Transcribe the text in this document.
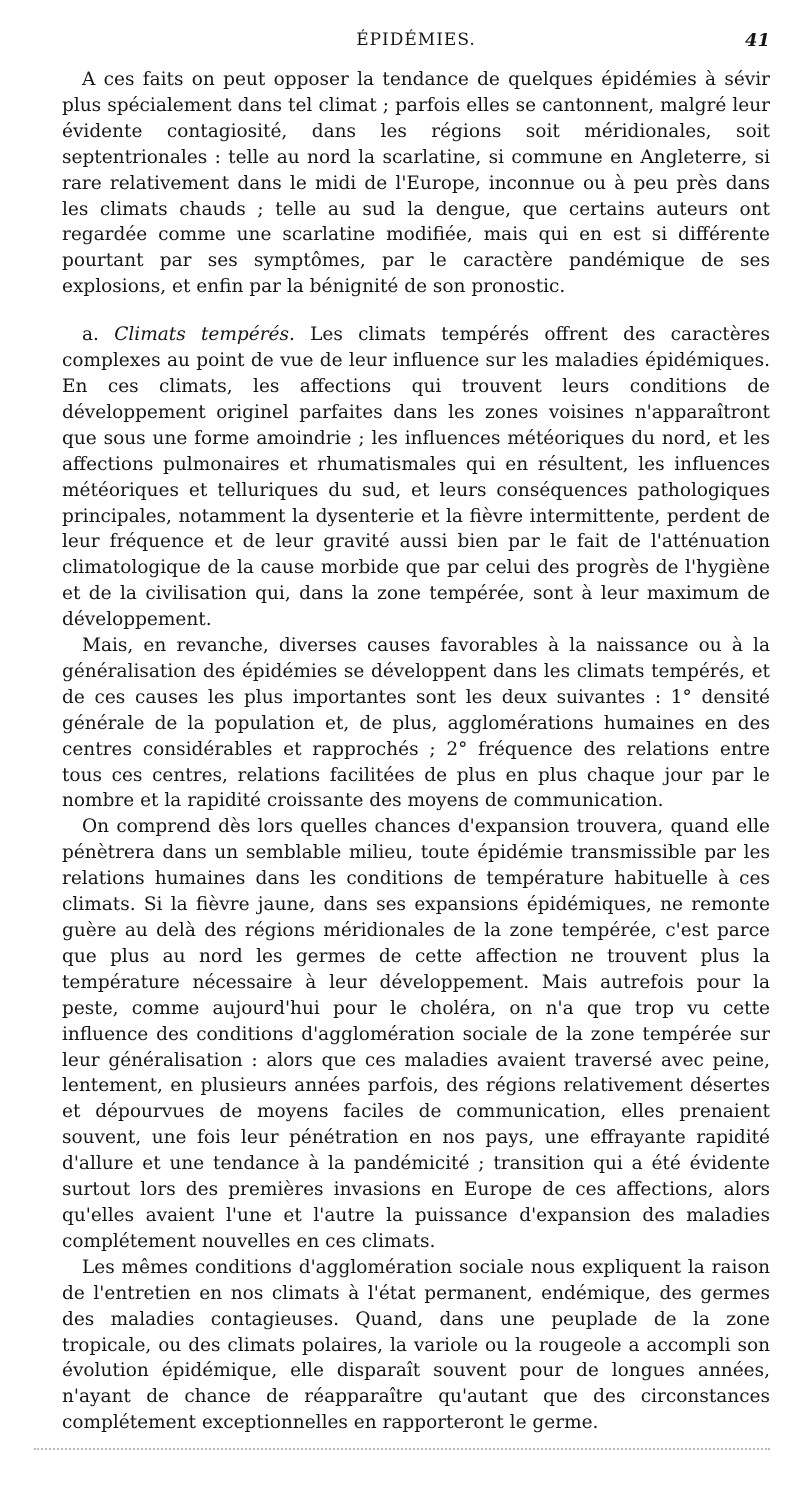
ÉPIDÉMIES.	41

A ces faits on peut opposer la tendance de quelques épidémies à sévir plus spécialement dans tel climat ; parfois elles se cantonnent, malgré leur évidente contagiosité, dans les régions soit méridionales, soit septentrionales : telle au nord la scarlatine, si commune en Angleterre, si rare relativement dans le midi de l'Europe, inconnue ou à peu près dans les climats chauds ; telle au sud la dengue, que certains auteurs ont regardée comme une scarlatine modifiée, mais qui en est si différente pourtant par ses symptômes, par le caractère pandémique de ses explosions, et enfin par la bénignité de son pronostic.

a. Climats tempérés. Les climats tempérés offrent des caractères complexes au point de vue de leur influence sur les maladies épidémiques. En ces climats, les affections qui trouvent leurs conditions de développement originel parfaites dans les zones voisines n'apparaîtront que sous une forme amoindrie ; les influences météoriques du nord, et les affections pulmonaires et rhumatismales qui en résultent, les influences météoriques et telluriques du sud, et leurs conséquences pathologiques principales, notamment la dysenterie et la fièvre intermittente, perdent de leur fréquence et de leur gravité aussi bien par le fait de l'atténuation climatologique de la cause morbide que par celui des progrès de l'hygiène et de la civilisation qui, dans la zone tempérée, sont à leur maximum de développement.

Mais, en revanche, diverses causes favorables à la naissance ou à la généralisation des épidémies se développent dans les climats tempérés, et de ces causes les plus importantes sont les deux suivantes : 1° densité générale de la population et, de plus, agglomérations humaines en des centres considérables et rapprochés ; 2° fréquence des relations entre tous ces centres, relations facilitées de plus en plus chaque jour par le nombre et la rapidité croissante des moyens de communication.

On comprend dès lors quelles chances d'expansion trouvera, quand elle pénètrera dans un semblable milieu, toute épidémie transmissible par les relations humaines dans les conditions de température habituelle à ces climats. Si la fièvre jaune, dans ses expansions épidémiques, ne remonte guère au delà des régions méridionales de la zone tempérée, c'est parce que plus au nord les germes de cette affection ne trouvent plus la température nécessaire à leur développement. Mais autrefois pour la peste, comme aujourd'hui pour le choléra, on n'a que trop vu cette influence des conditions d'agglomération sociale de la zone tempérée sur leur généralisation : alors que ces maladies avaient traversé avec peine, lentement, en plusieurs années parfois, des régions relativement désertes et dépourvues de moyens faciles de communication, elles prenaient souvent, une fois leur pénétration en nos pays, une effrayante rapidité d'allure et une tendance à la pandémicité ; transition qui a été évidente surtout lors des premières invasions en Europe de ces affections, alors qu'elles avaient l'une et l'autre la puissance d'expansion des maladies complétement nouvelles en ces climats.

Les mêmes conditions d'agglomération sociale nous expliquent la raison de l'entretien en nos climats à l'état permanent, endémique, des germes des maladies contagieuses. Quand, dans une peuplade de la zone tropicale, ou des climats polaires, la variole ou la rougeole a accompli son évolution épidémique, elle disparaît souvent pour de longues années, n'ayant de chance de réapparaître qu'autant que des circonstances complétement exceptionnelles en rapporteront le germe.
